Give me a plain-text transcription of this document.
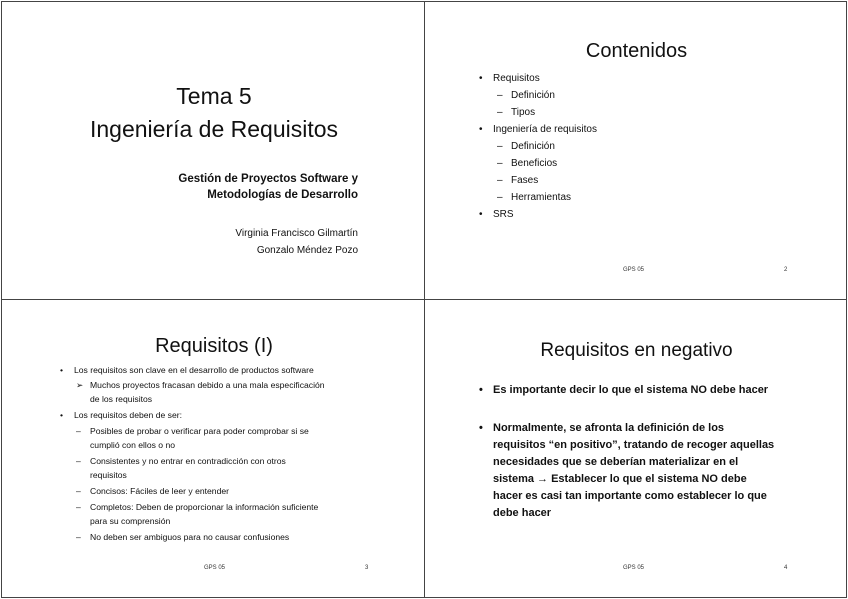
Tema 5
Ingeniería de Requisitos
Gestión de Proyectos Software y
Metodologías de Desarrollo
Virginia Francisco Gilmartín
Gonzalo Méndez Pozo
Contenidos
• Requisitos
– Definición
– Tipos
• Ingeniería de requisitos
– Definición
– Beneficios
– Fases
– Herramientas
• SRS
GPS 05	2
Requisitos (I)
• Los requisitos son clave en el desarrollo de productos software
➢ Muchos proyectos fracasan debido a una mala especificación
de los requisitos
• Los requisitos deben de ser:
– Posibles de probar o verificar para poder comprobar si se
cumplió con ellos o no
– Consistentes y no entrar en contradicción con otros
requisitos
– Concisos: Fáciles de leer y entender
– Completos: Deben de proporcionar la información suficiente
para su comprensión
– No deben ser ambiguos para no causar confusiones
GPS 05	3
Requisitos en negativo
• Es importante decir lo que el sistema NO debe hacer
• Normalmente, se afronta la definición de los
requisitos “en positivo”, tratando de recoger aquellas
necesidades que se deberían materializar en el
sistema → Establecer lo que el sistema NO debe
hacer es casi tan importante como establecer lo que
debe hacer
GPS 05	4
